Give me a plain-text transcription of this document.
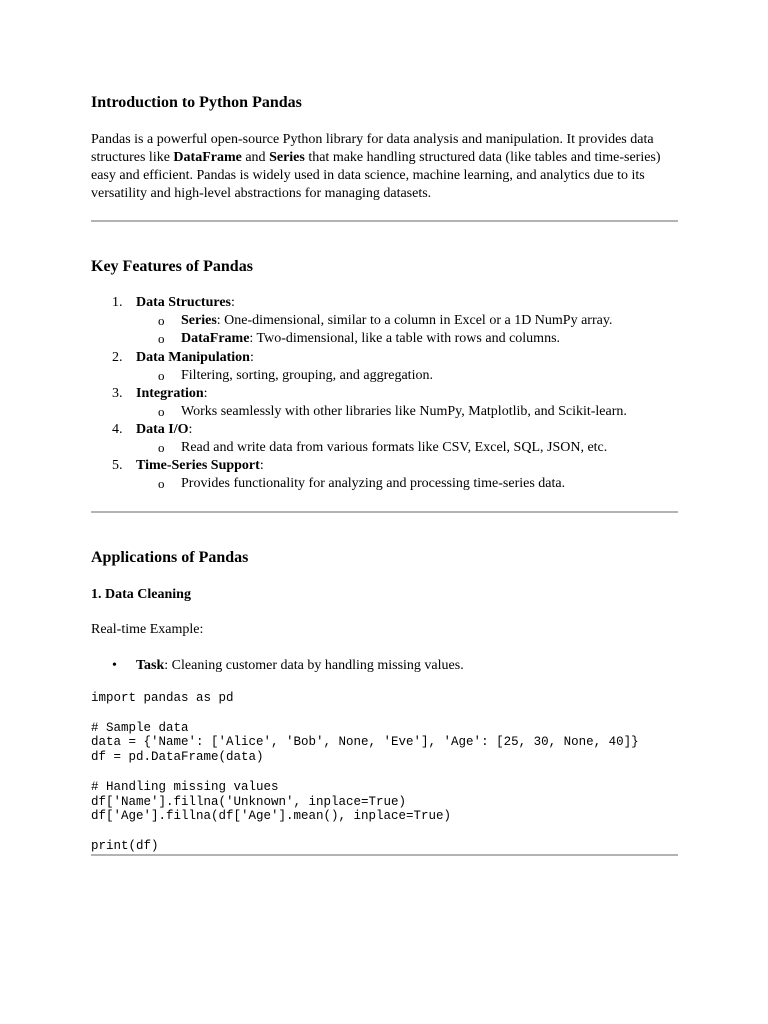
Introduction to Python Pandas

Pandas is a powerful open-source Python library for data analysis and manipulation. It provides data structures like DataFrame and Series that make handling structured data (like tables and time-series) easy and efficient. Pandas is widely used in data science, machine learning, and analytics due to its versatility and high-level abstractions for managing datasets.

Key Features of Pandas
1. Data Structures:
o Series: One-dimensional, similar to a column in Excel or a 1D NumPy array.
o DataFrame: Two-dimensional, like a table with rows and columns.
2. Data Manipulation:
o Filtering, sorting, grouping, and aggregation.
3. Integration:
o Works seamlessly with other libraries like NumPy, Matplotlib, and Scikit-learn.
4. Data I/O:
o Read and write data from various formats like CSV, Excel, SQL, JSON, etc.
5. Time-Series Support:
o Provides functionality for analyzing and processing time-series data.
Applications of Pandas
1. Data Cleaning

Real-time Example:

• Task: Cleaning customer data by handling missing values.
import pandas as pd

# Sample data
data = {'Name': ['Alice', 'Bob', None, 'Eve'], 'Age': [25, 30, None, 40]}
df = pd.DataFrame(data)

# Handling missing values
df['Name'].fillna('Unknown', inplace=True)
df['Age'].fillna(df['Age'].mean(), inplace=True)

print(df)
